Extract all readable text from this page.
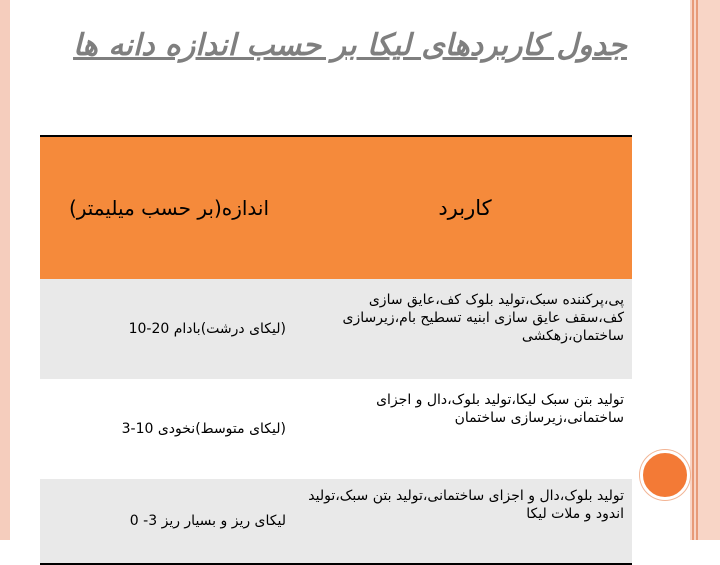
جدول کاربردهای لیکا بر حسب اندازه دانه ها
کاربرد	اندازه(بر حسب میلیمتر)
پی،پرکننده سبک،تولید بلوک کف،عایق سازی کف،سقف عایق سازی ابنیه تسطیح بام،زیرسازی ساختمان،زهکشی	(لیکای درشت)بادام 20-10
تولید بتن سبک لیکا،تولید بلوک،دال و اجزای ساختمانی،زیرسازی ساختمان	(لیکای متوسط)نخودی 10-3
تولید بلوک،دال و اجزای ساختمانی،تولید بتن سبک،تولید اندود و ملات لیکا	لیکای ریز و بسیار ریز 3- 0
